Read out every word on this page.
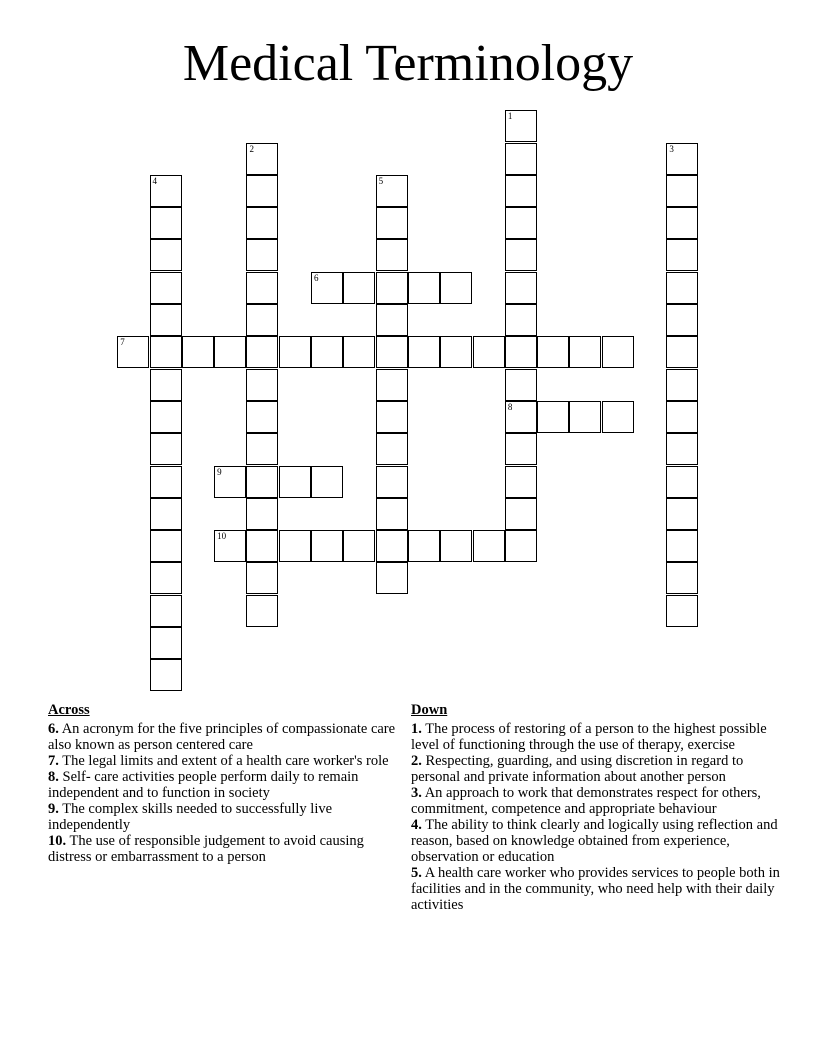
Medical Terminology
1
8
2	3
4	5
6
7
9
10
Across
6. An acronym for the five principles of compassionate care also known as person centered care
7. The legal limits and extent of a health care worker's role
8. Self- care activities people perform daily to remain independent and to function in society
9. The complex skills needed to successfully live independently
10. The use of responsible judgement to avoid causing distress or embarrassment to a person
Down
1. The process of restoring of a person to the highest possible level of functioning through the use of therapy, exercise
2. Respecting, guarding, and using discretion in regard to personal and private information about another person
3. An approach to work that demonstrates respect for others, commitment, competence and appropriate behaviour
4. The ability to think clearly and logically using reflection and reason, based on knowledge obtained from experience, observation or education
5. A health care worker who provides services to people both in facilities and in the community, who need help with their daily activities
